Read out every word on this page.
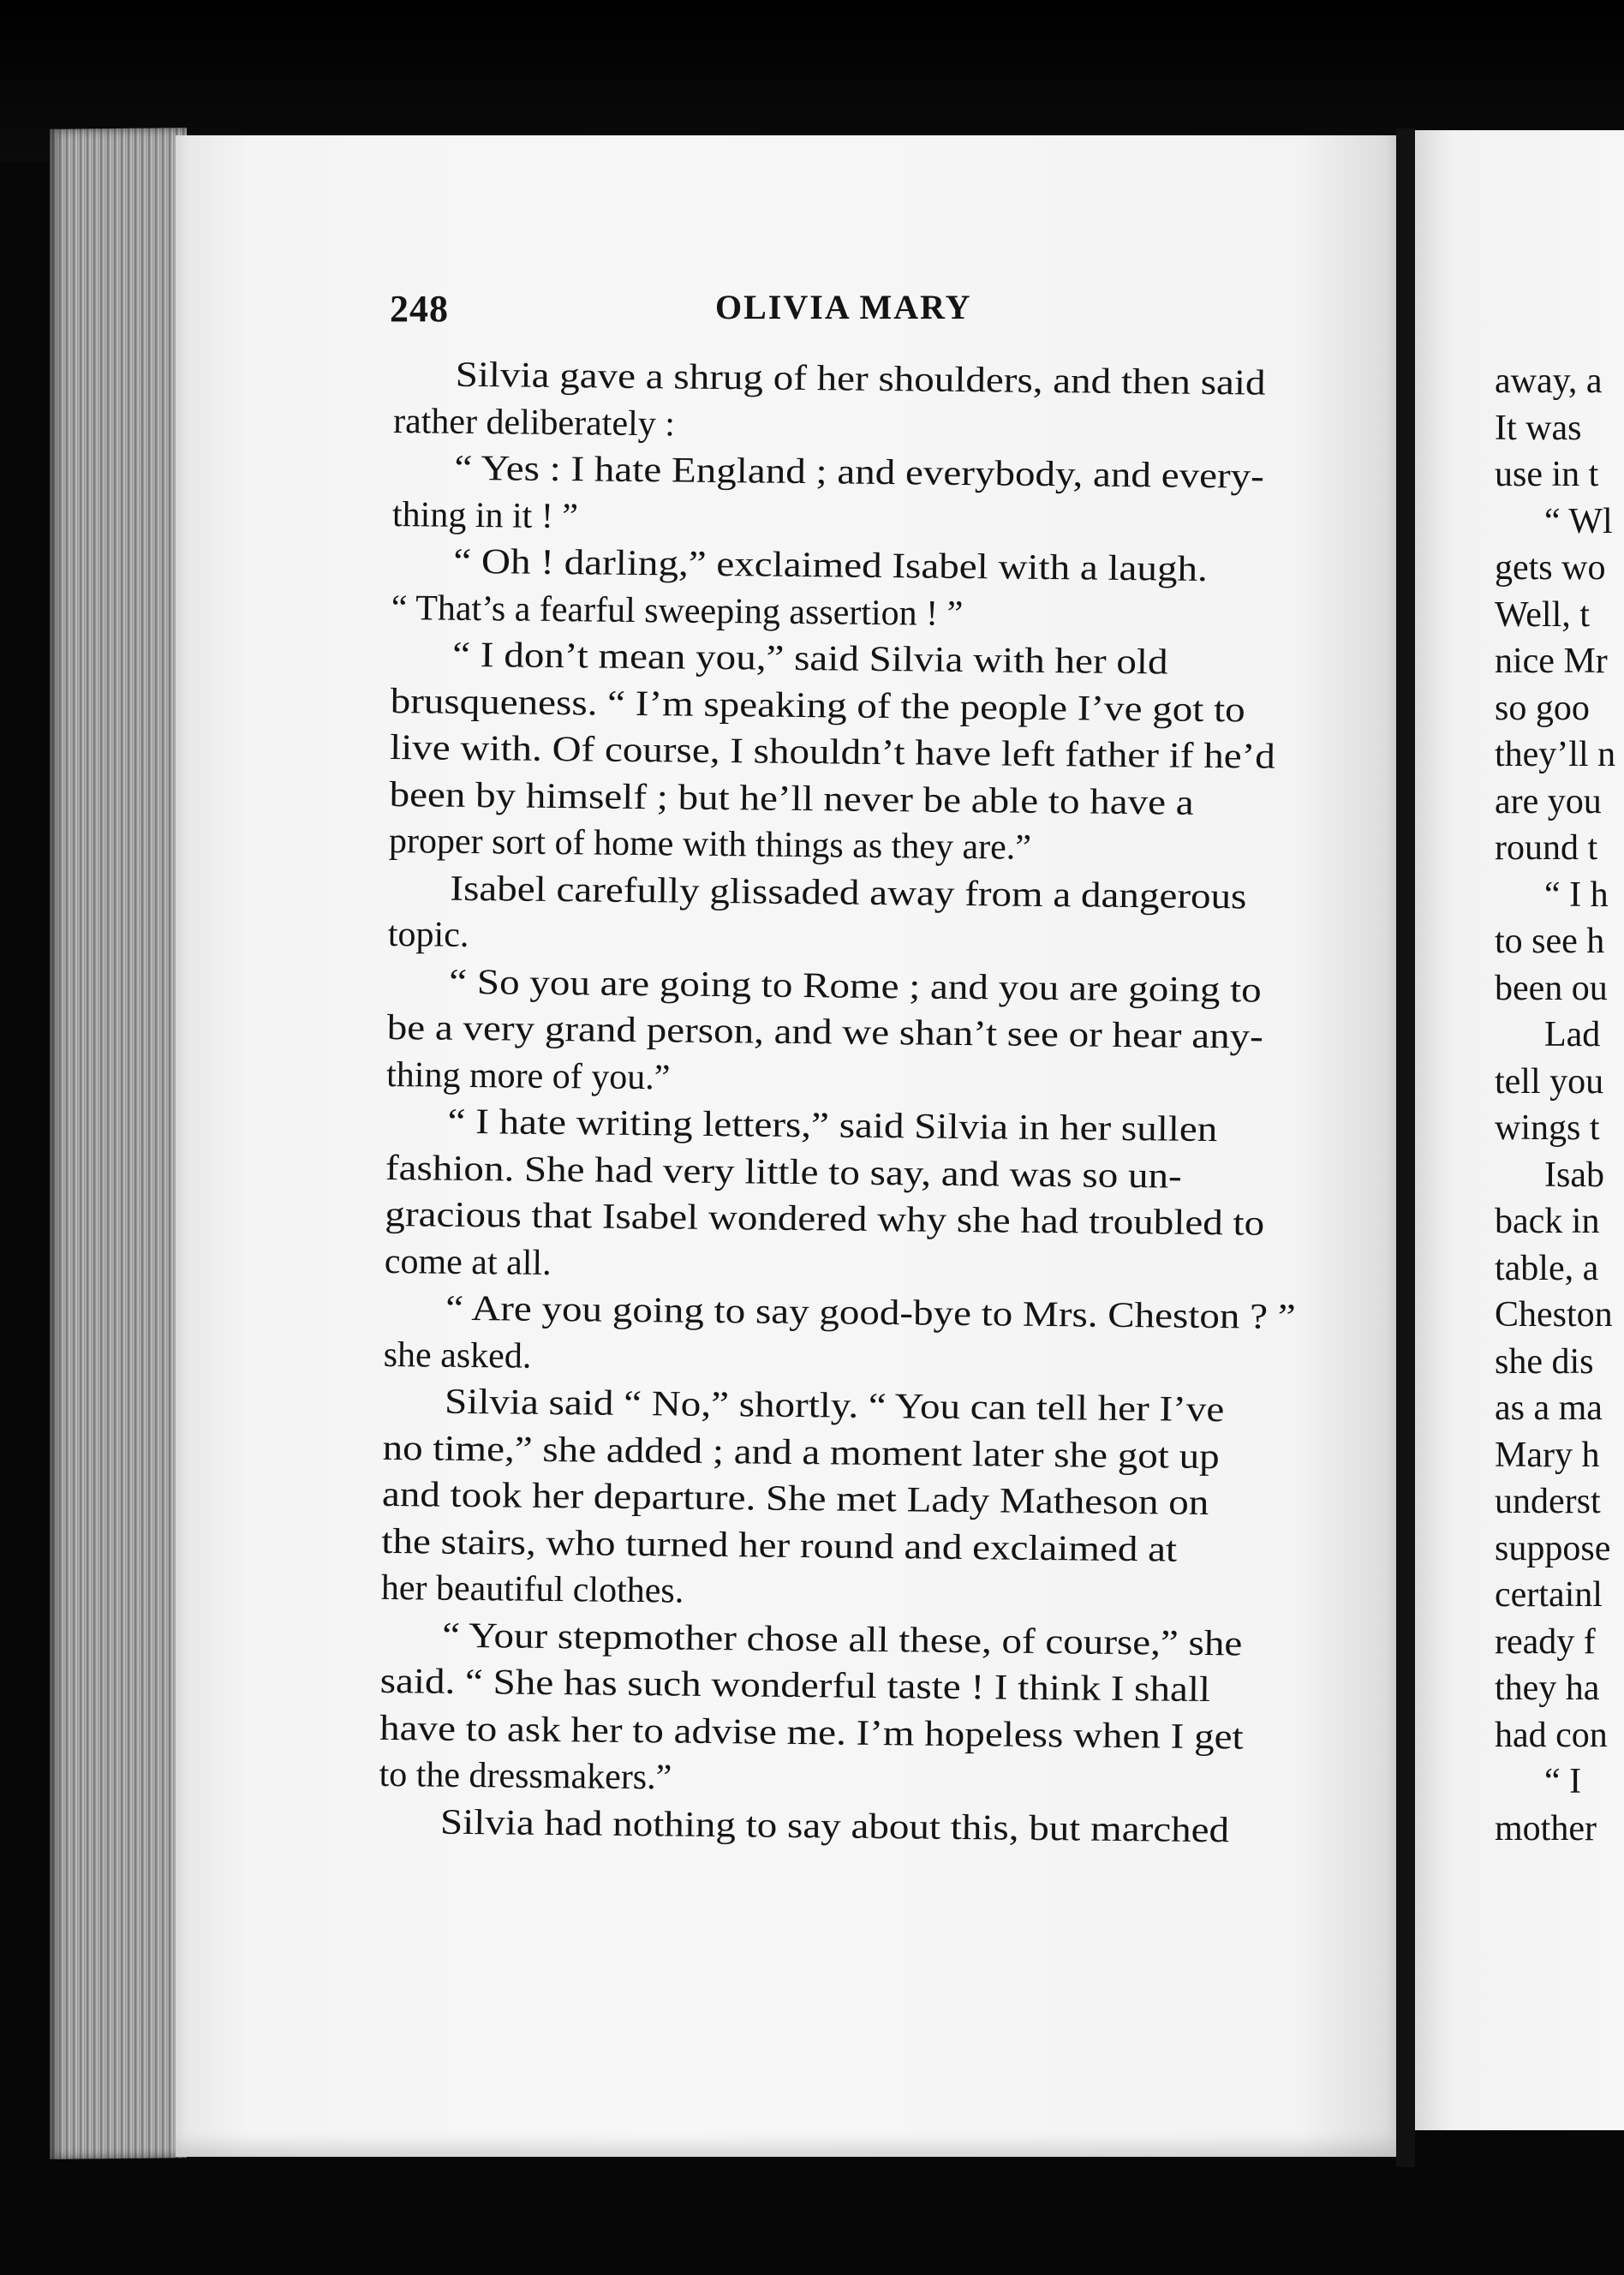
248	OLIVIA MARY
Silvia gave a shrug of her shoulders, and then said
rather deliberately :
“ Yes : I hate England ; and everybody, and every-
thing in it ! ”
“ Oh ! darling,” exclaimed Isabel with a laugh.
“ That’s a fearful sweeping assertion ! ”
“ I don’t mean you,” said Silvia with her old
brusqueness. “ I’m speaking of the people I’ve got to
live with. Of course, I shouldn’t have left father if he’d
been by himself ; but he’ll never be able to have a
proper sort of home with things as they are.”
Isabel carefully glissaded away from a dangerous
topic.
“ So you are going to Rome ; and you are going to
be a very grand person, and we shan’t see or hear any-
thing more of you.”
“ I hate writing letters,” said Silvia in her sullen
fashion. She had very little to say, and was so un-
gracious that Isabel wondered why she had troubled to
come at all.
“ Are you going to say good-bye to Mrs. Cheston ? ”
she asked.
Silvia said “ No,” shortly. “ You can tell her I’ve
no time,” she added ; and a moment later she got up
and took her departure. She met Lady Matheson on
the stairs, who turned her round and exclaimed at
her beautiful clothes.
“ Your stepmother chose all these, of course,” she
said. “ She has such wonderful taste ! I think I shall
have to ask her to advise me. I’m hopeless when I get
to the dressmakers.”
Silvia had nothing to say about this, but marched
away, a
It was
use in t
“ Wl
gets wo
Well, t
nice Mr
so goo
they’ll n
are you
round t
“ I h
to see h
been ou
Lad
tell you
wings t
Isab
back in
table, a
Cheston
she dis
as a ma
Mary h
underst
suppose
certainl
ready f
they ha
had con
“ I
mother
